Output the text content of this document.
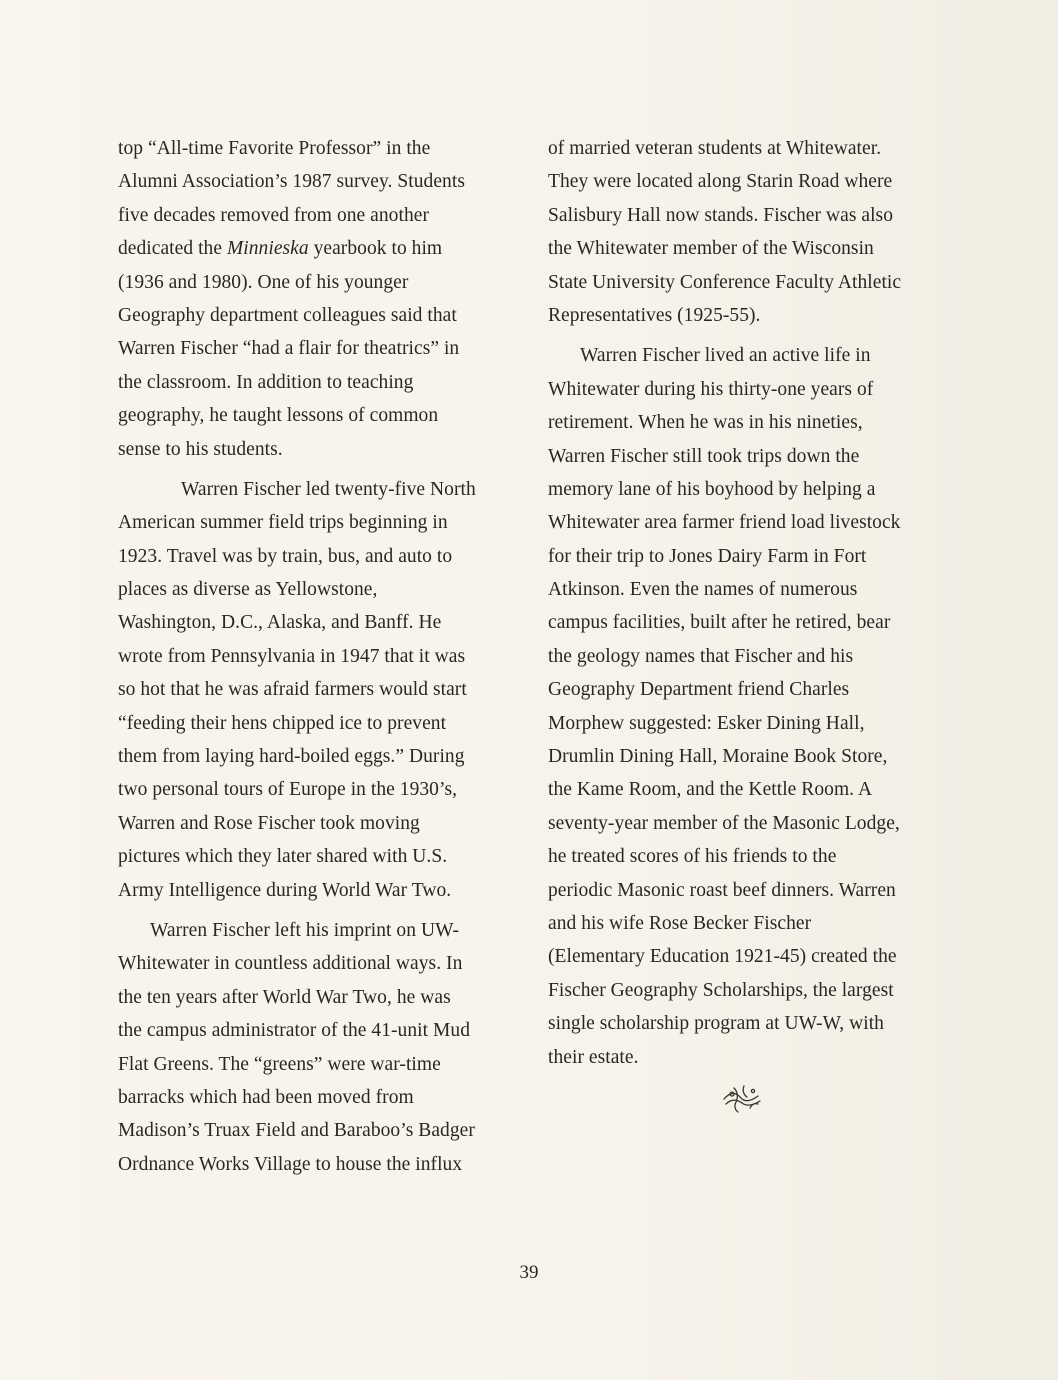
top “All-time Favorite Professor” in the
Alumni Association’s 1987 survey. Students
five decades removed from one another
dedicated the Minnieska yearbook to him
(1936 and 1980). One of his younger
Geography department colleagues said that
Warren Fischer “had a flair for theatrics” in
the classroom. In addition to teaching
geography, he taught lessons of common
sense to his students.
Warren Fischer led twenty-five North
American summer field trips beginning in
1923. Travel was by train, bus, and auto to
places as diverse as Yellowstone,
Washington, D.C., Alaska, and Banff. He
wrote from Pennsylvania in 1947 that it was
so hot that he was afraid farmers would start
“feeding their hens chipped ice to prevent
them from laying hard-boiled eggs.” During
two personal tours of Europe in the 1930’s,
Warren and Rose Fischer took moving
pictures which they later shared with U.S.
Army Intelligence during World War Two.
Warren Fischer left his imprint on UW-
Whitewater in countless additional ways. In
the ten years after World War Two, he was
the campus administrator of the 41-unit Mud
Flat Greens. The “greens” were war-time
barracks which had been moved from
Madison’s Truax Field and Baraboo’s Badger
Ordnance Works Village to house the influx
of married veteran students at Whitewater.
They were located along Starin Road where
Salisbury Hall now stands. Fischer was also
the Whitewater member of the Wisconsin
State University Conference Faculty Athletic
Representatives (1925-55).
Warren Fischer lived an active life in
Whitewater during his thirty-one years of
retirement. When he was in his nineties,
Warren Fischer still took trips down the
memory lane of his boyhood by helping a
Whitewater area farmer friend load livestock
for their trip to Jones Dairy Farm in Fort
Atkinson. Even the names of numerous
campus facilities, built after he retired, bear
the geology names that Fischer and his
Geography Department friend Charles
Morphew suggested: Esker Dining Hall,
Drumlin Dining Hall, Moraine Book Store,
the Kame Room, and the Kettle Room. A
seventy-year member of the Masonic Lodge,
he treated scores of his friends to the
periodic Masonic roast beef dinners. Warren
and his wife Rose Becker Fischer
(Elementary Education 1921-45) created the
Fischer Geography Scholarships, the largest
single scholarship program at UW-W, with
their estate.
39
